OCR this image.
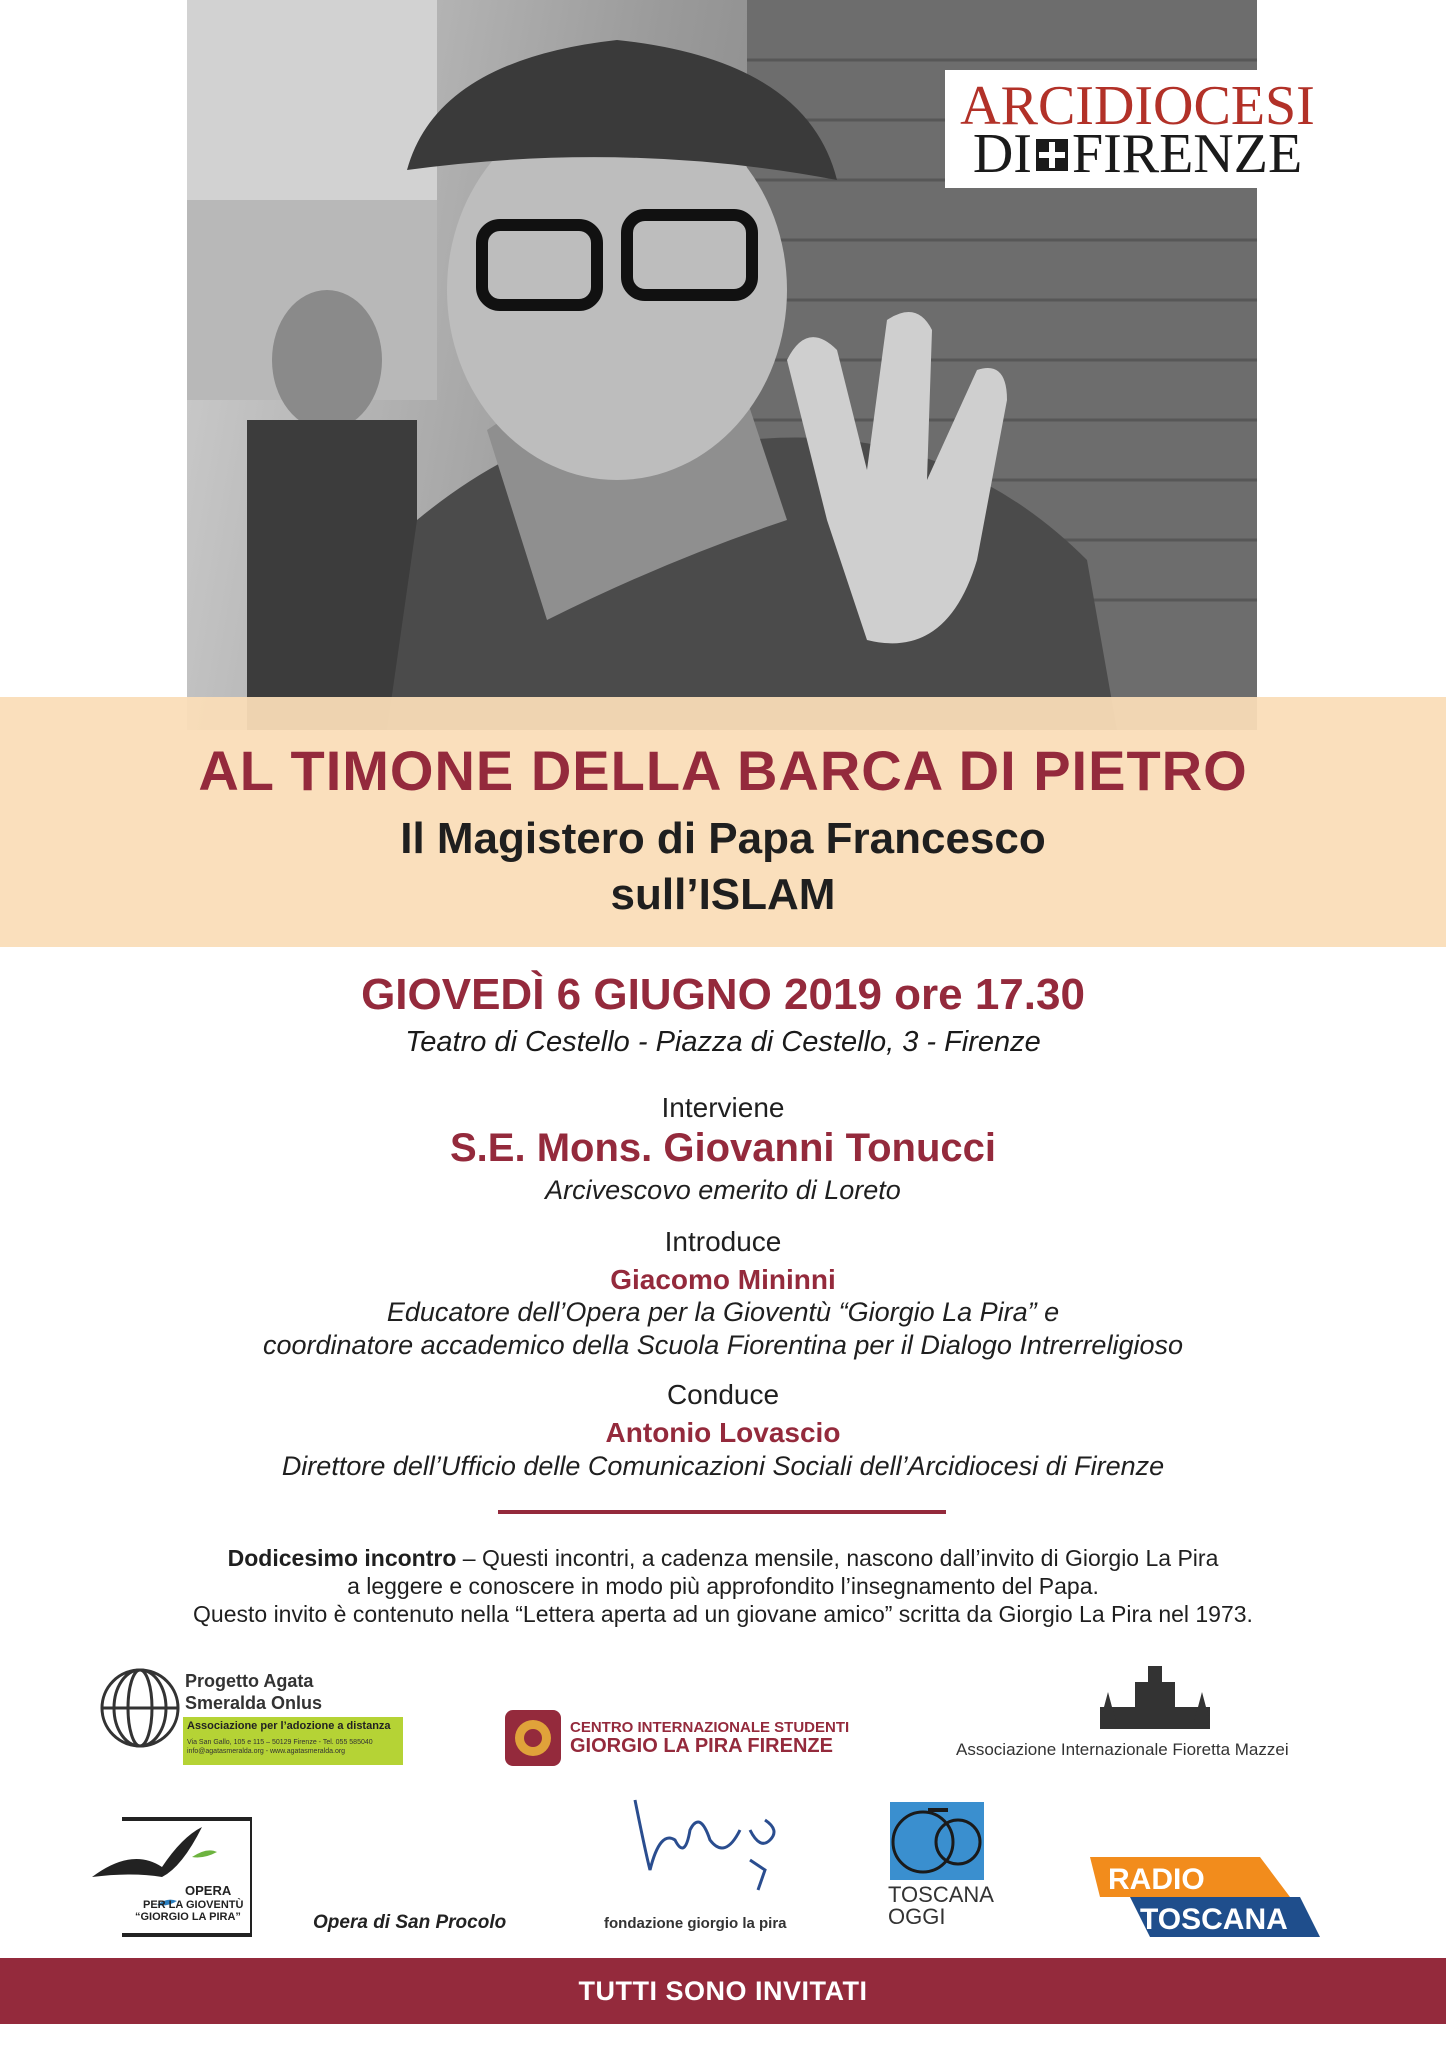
ARCIDIOCESI
DI FIRENZE
AL TIMONE DELLA BARCA DI PIETRO
Il Magistero di Papa Francesco
sull’ISLAM
GIOVEDÌ 6 GIUGNO 2019 ore 17.30
Teatro di Cestello - Piazza di Cestello, 3 - Firenze
Interviene
S.E. Mons. Giovanni Tonucci
Arcivescovo emerito di Loreto
Introduce
Giacomo Mininni
Educatore dell’Opera per la Gioventù “Giorgio La Pira” e
coordinatore accademico della Scuola Fiorentina per il Dialogo Intrerreligioso
Conduce
Antonio Lovascio
Direttore dell’Ufficio delle Comunicazioni Sociali dell’Arcidiocesi di Firenze
Dodicesimo incontro – Questi incontri, a cadenza mensile, nascono dall’invito di Giorgio La Pira
a leggere e conoscere in modo più approfondito l’insegnamento del Papa.
Questo invito è contenuto nella “Lettera aperta ad un giovane amico” scritta da Giorgio La Pira nel 1973.
Progetto Agata
Smeralda Onlus
Associazione per l’adozione a distanza
Via San Gallo, 105 e 115 – 50129 Firenze - Tel. 055 585040
info@agatasmeralda.org - www.agatasmeralda.org
CENTRO INTERNAZIONALE STUDENTI
GIORGIO LA PIRA FIRENZE	Associazione Internazionale Fioretta Mazzei
OPERA
PER LA GIOVENTÙ
“GIORGIO LA PIRA”	Opera di San Procolo	fondazione giorgio la pira
TOSCANA
OGGI
RADIO
TOSCANA
TUTTI SONO INVITATI
